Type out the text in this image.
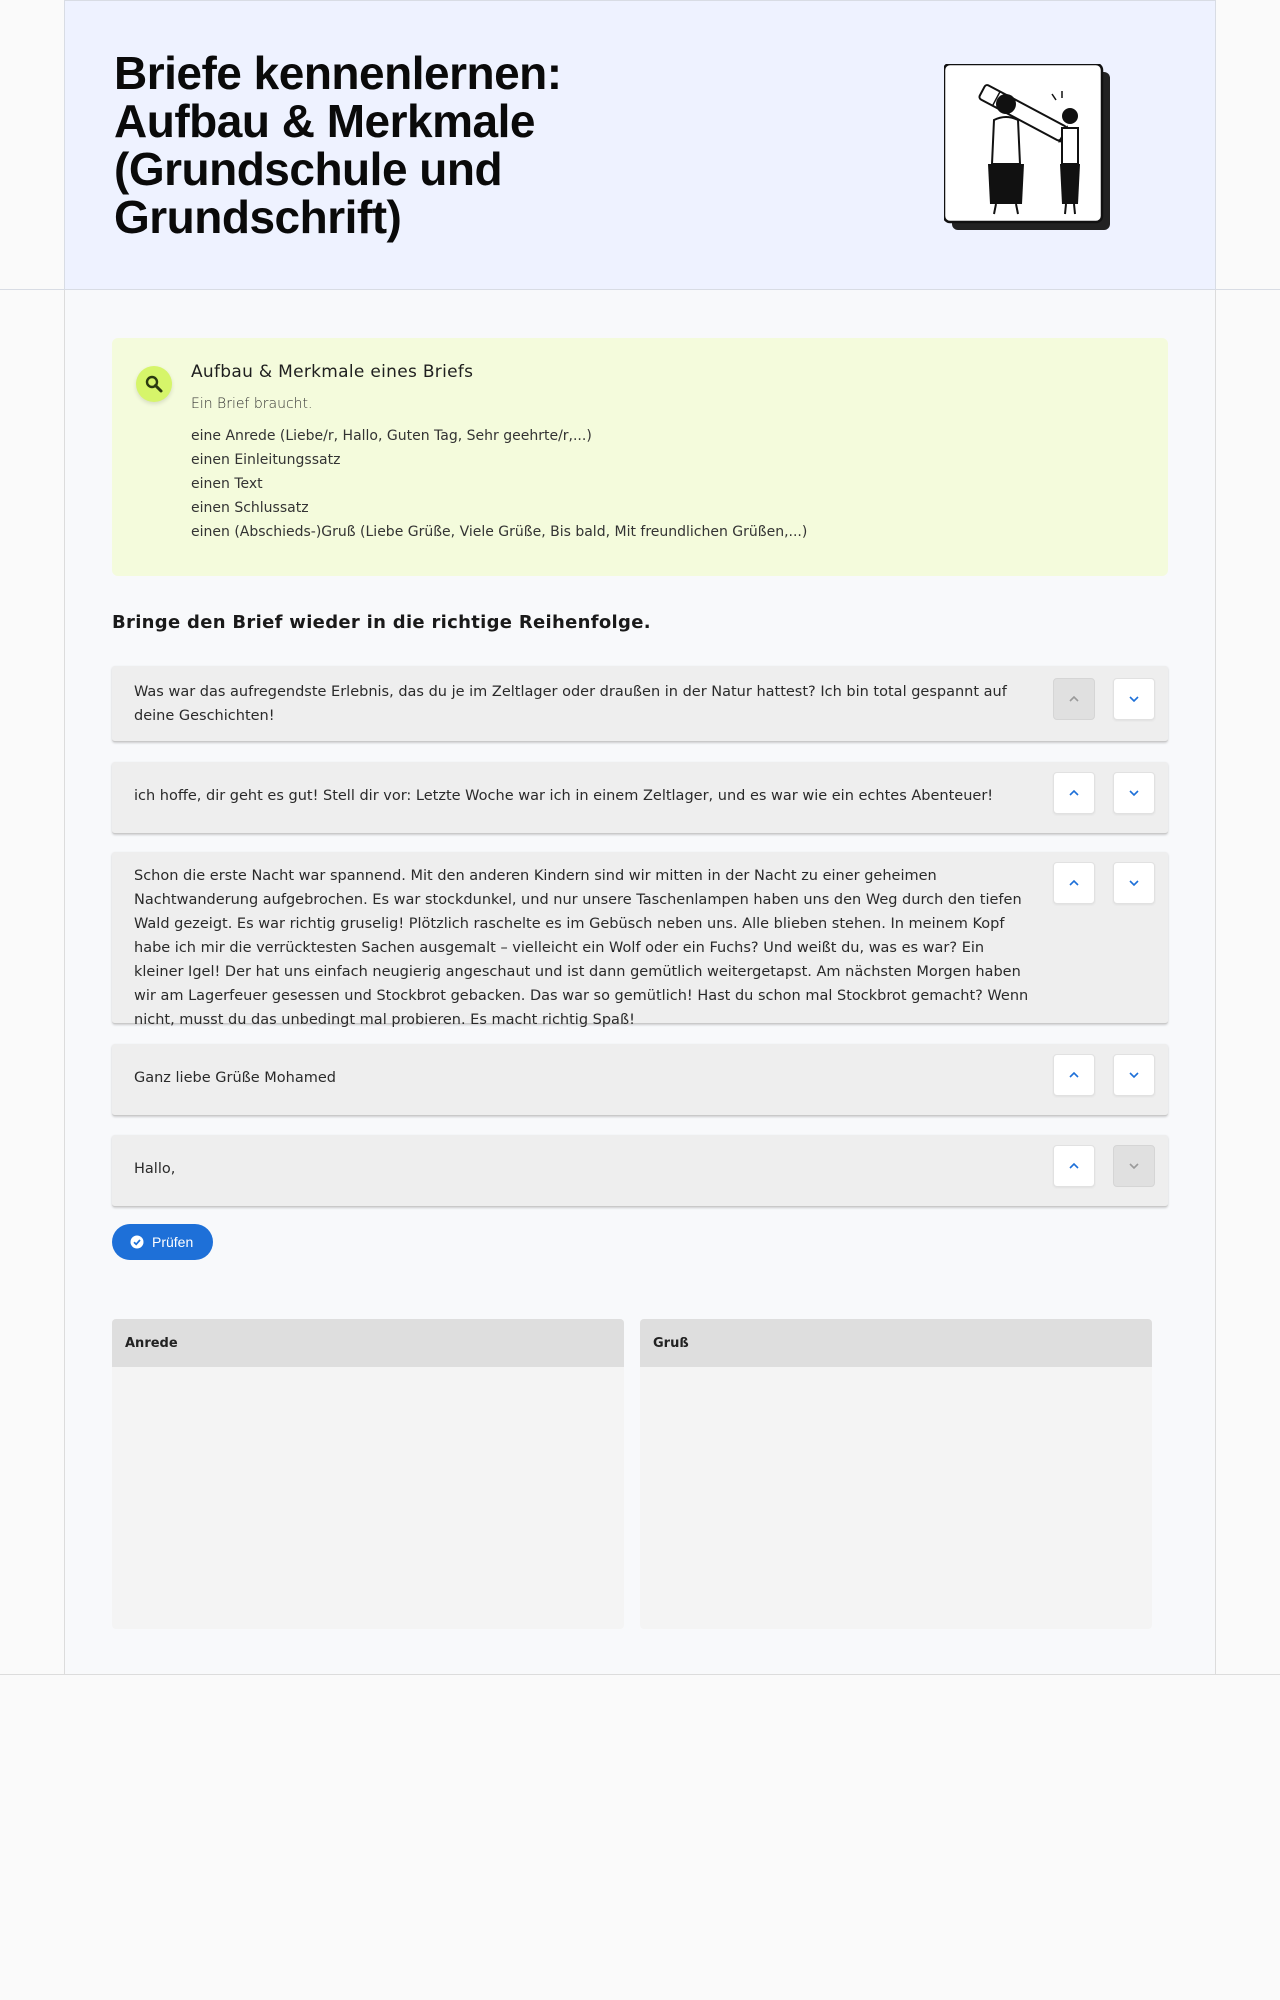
Briefe kennenlernen:
Aufbau & Merkmale
(Grundschule und
Grundschrift)
Aufbau & Merkmale eines Briefs
Ein Brief braucht.
eine Anrede (Liebe/r, Hallo, Guten Tag, Sehr geehrte/r,...)
einen Einleitungssatz
einen Text
einen Schlussatz
einen (Abschieds-)Gruß (Liebe Grüße, Viele Grüße, Bis bald, Mit freundlichen Grüßen,...)
Bringe den Brief wieder in die richtige Reihenfolge.
Was war das aufregendste Erlebnis, das du je im Zeltlager oder draußen in der Natur hattest? Ich bin total gespannt auf deine Geschichten!
ich hoffe, dir geht es gut! Stell dir vor: Letzte Woche war ich in einem Zeltlager, und es war wie ein echtes Abenteuer!
Schon die erste Nacht war spannend. Mit den anderen Kindern sind wir mitten in der Nacht zu einer geheimen Nachtwanderung aufgebrochen. Es war stockdunkel, und nur unsere Taschenlampen haben uns den Weg durch den tiefen Wald gezeigt. Es war richtig gruselig! Plötzlich raschelte es im Gebüsch neben uns. Alle blieben stehen. In meinem Kopf habe ich mir die verrücktesten Sachen ausgemalt – vielleicht ein Wolf oder ein Fuchs? Und weißt du, was es war? Ein kleiner Igel! Der hat uns einfach neugierig angeschaut und ist dann gemütlich weitergetapst. Am nächsten Morgen haben wir am Lagerfeuer gesessen und Stockbrot gebacken. Das war so gemütlich! Hast du schon mal Stockbrot gemacht? Wenn nicht, musst du das unbedingt mal probieren. Es macht richtig Spaß!
Ganz liebe Grüße Mohamed
Hallo,
Prüfen
Anrede	Gruß
